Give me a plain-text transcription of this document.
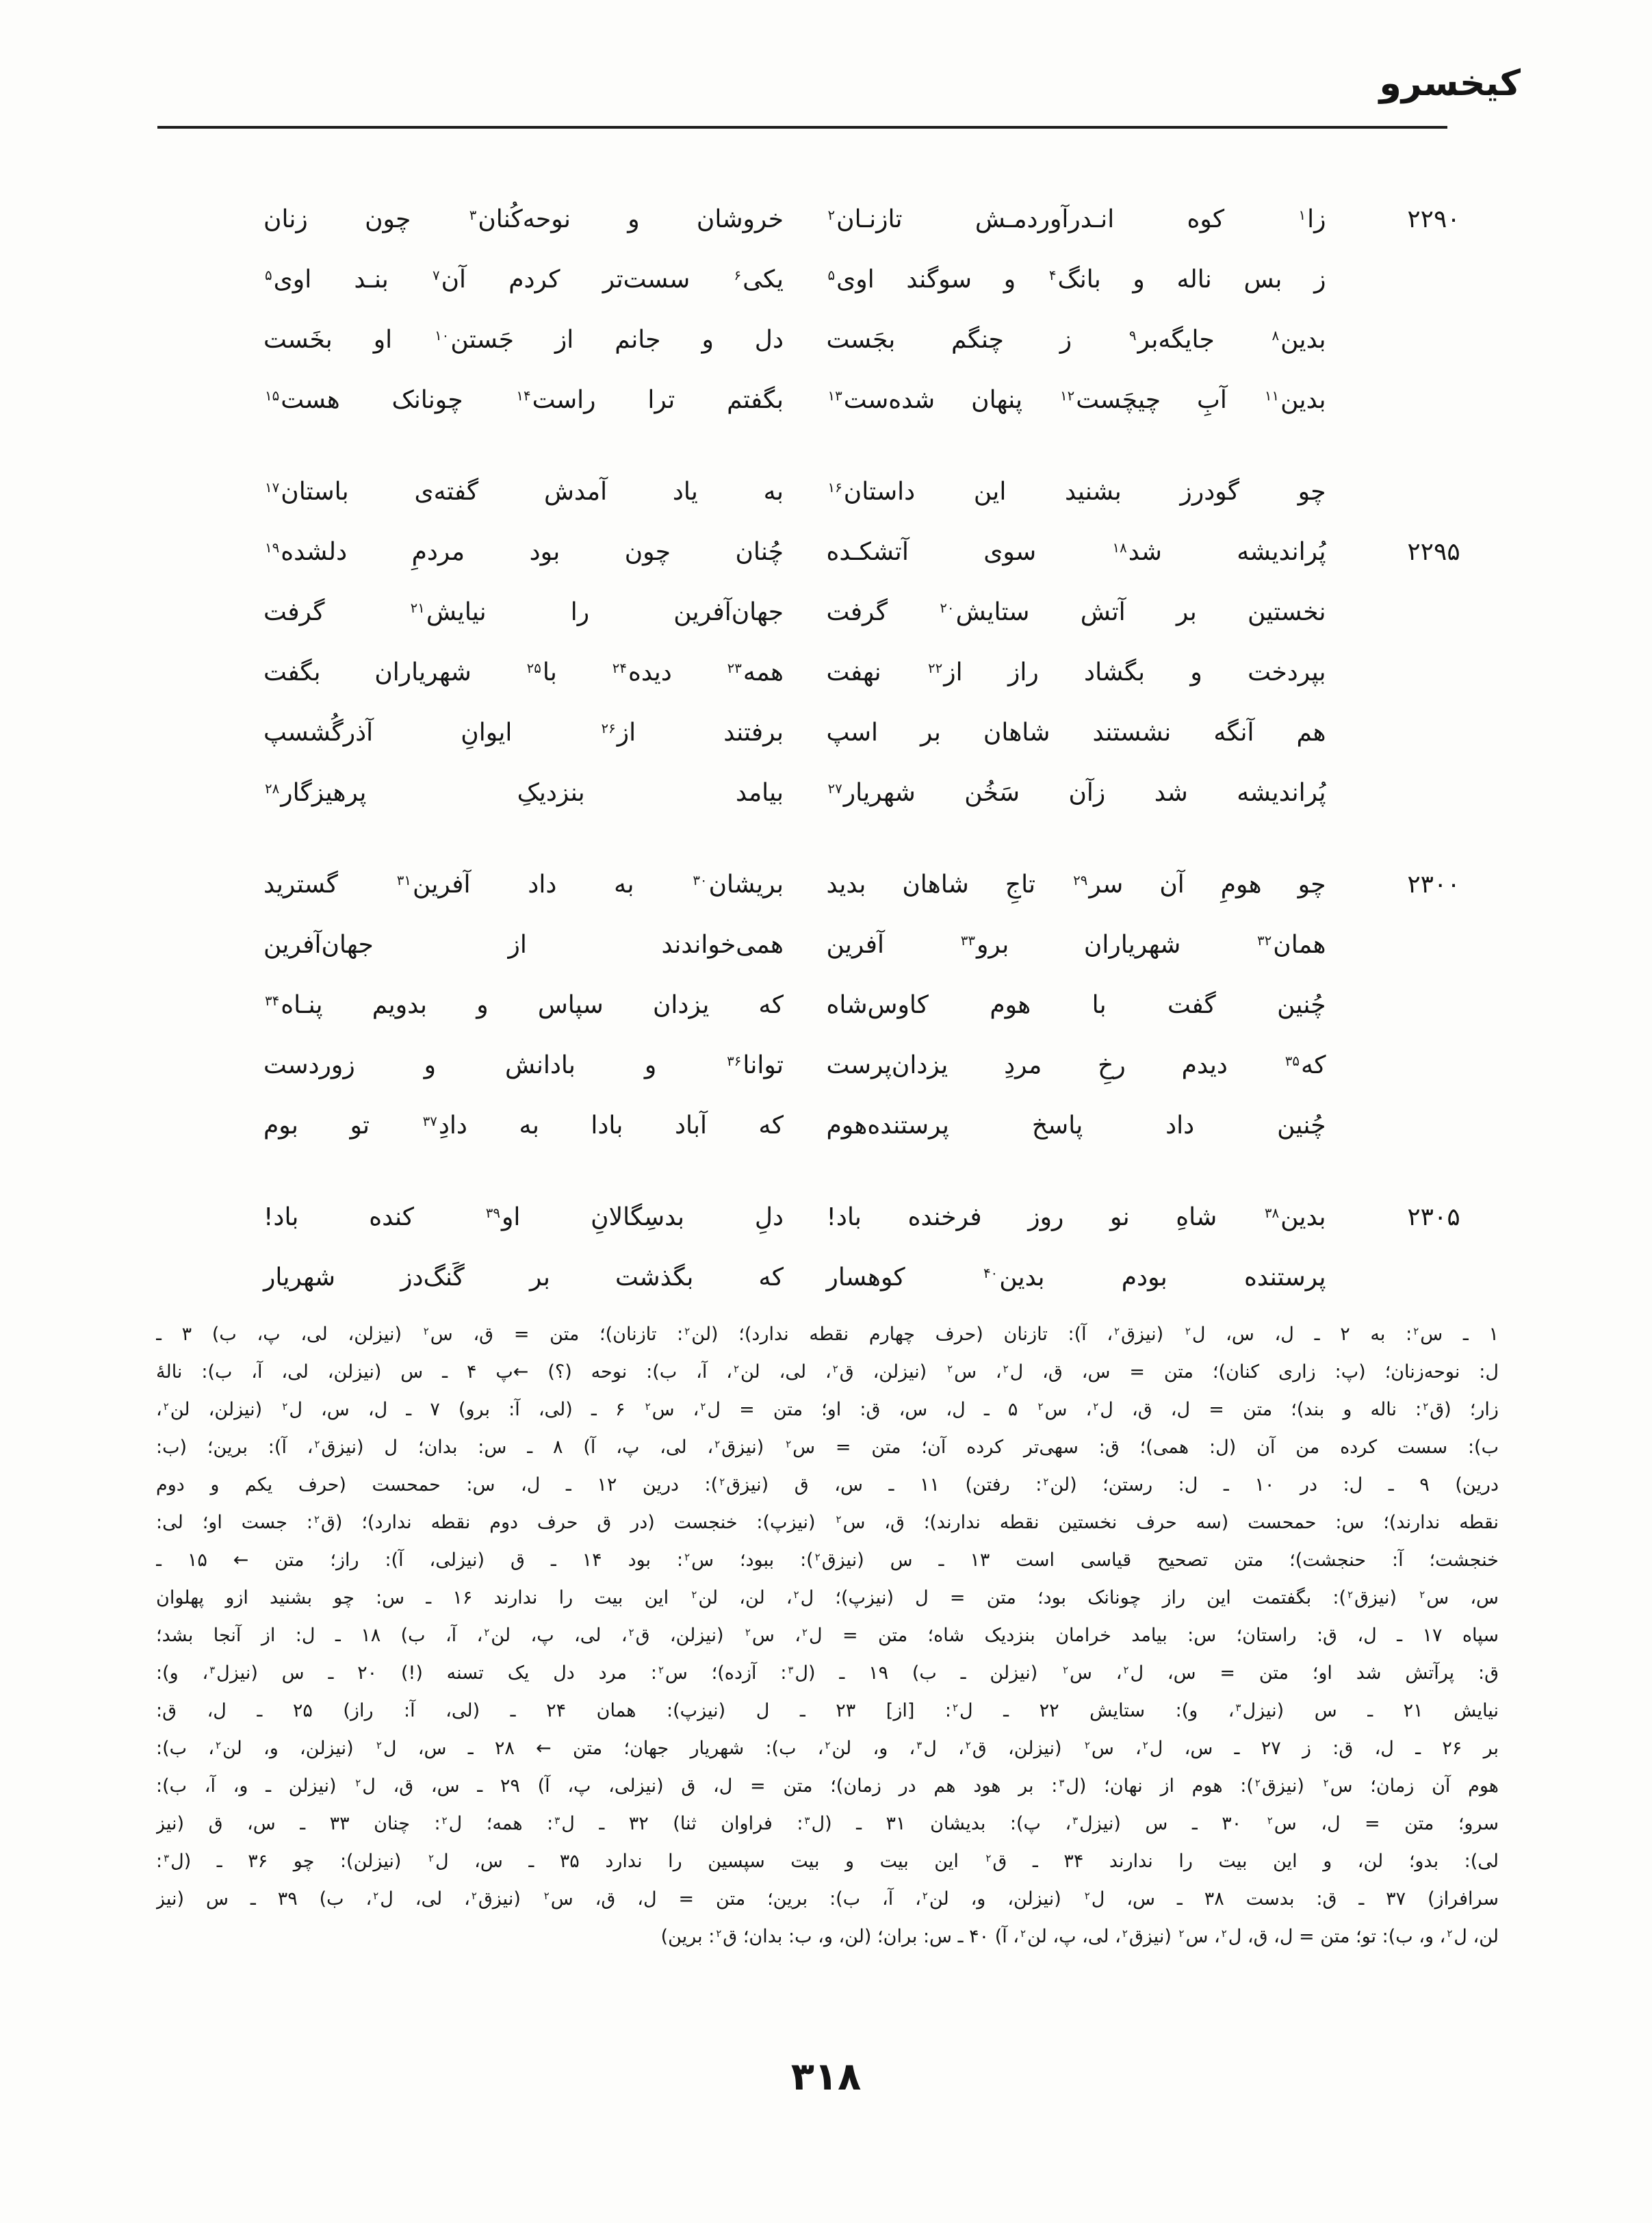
کیخسرو
۲۲۹۰
زا$^۱$ کوه انـدرآوردمـش تازنـان$^۲$
خروشان و نوحه‌کُنان$^۳$ چون زنان
ز بس ناله و بانگ$^۴$ و سوگند اوی$^۵$
یکی$^۶$ سست‌تر کردم آن$^۷$ بنـد اوی$^۵$
بدین$^۸$ جایگه‌بر$^۹$ ز چنگم بجَست
دل و جانم از جَستن$^{۱۰}$ او بخَست
بدین$^{۱۱}$ آبِ چیچَست$^{۱۲}$ پنهان شده‌ست$^{۱۳}$
بگفتم ترا راست$^{۱۴}$ چونانک هست$^{۱۵}$
چو گودرز بشنید این داستان$^{۱۶}$
به یاد آمدش گفته‌ی باستان$^{۱۷}$
۲۲۹۵
پُراندیشه شد$^{۱۸}$ سوی آتشکـده
چُنان چون بود مردمِ دلشده$^{۱۹}$
نخستین بر آتش ستایش$^{۲۰}$ گرفت
جهان‌آفرین را نیایش$^{۲۱}$ گرفت
بپردخت و بگشاد راز از$^{۲۲}$ نهفت
همه$^{۲۳}$ دیده$^{۲۴}$ با$^{۲۵}$ شهریاران بگفت
هم آنگه نشستند شاهان بر اسپ
برفتند از$^{۲۶}$ ایوانِ آذرگُشسپ
پُراندیشه شد زآن سَخُن شهریار$^{۲۷}$
بیامد بنزدیکِ پرهیزگار$^{۲۸}$
۲۳۰۰
چو هومِ آن سر$^{۲۹}$ تاجِ شاهان بدید
بریشان$^{۳۰}$ به داد آفرین$^{۳۱}$ گسترید
همان$^{۳۲}$ شهریاران برو$^{۳۳}$ آفرین
همی‌خواندند از جهان‌آفرین
چُنین گفت با هوم کاوس‌شاه
که یزدان سپاس و بدویم پنـاه$^{۳۴}$
که$^{۳۵}$ دیدم رخِ مردِ یزدان‌پرست
توانا$^{۳۶}$ و بادانش و زوردست
چُنین داد پاسخ پرستنده‌هوم
که آباد بادا به دادِ$^{۳۷}$ تو بوم
۲۳۰۵
بدین$^{۳۸}$ شاهِ نو روز فرخنده باد!
دلِ بدسِگالانِ او$^{۳۹}$ کنده باد!
پرستنده بودم بدین$^{۴۰}$ کوهسار
که بگذشت بر گَنگ‌دز شهریار
۱ ـ س$^۲$: به ۲ ـ ل، س، ل$^۲$ (نیزق$^۲$، آ): تازنان (حرف چهارم نقطه ندارد)؛ (لن$^۲$: تازنان)؛ متن = ق، س$^۲$ (نیزلن، لی، پ، ب) ۳ ـ
ل: نوحه‌زنان؛ (پ: زاری کنان)؛ متن = س، ق، ل$^۲$، س$^۲$ (نیزلن، ق$^۲$، لی، لن$^۲$، آ، ب): نوحه (؟) ←پ ۴ ـ س (نیزلن، لی، آ، ب): نالهٔ
زار؛ (ق$^۲$: ناله و بند)؛ متن = ل، ق، ل$^۲$، س$^۲$ ۵ ـ ل، س، ق: او؛ متن = ل$^۲$، س$^۲$ ۶ ـ (لی، آ: برو) ۷ ـ ل، س، ل$^۲$ (نیزلن، لن$^۲$،
ب): سست کرده من آن (ل: همی)؛ ق: سهی‌تر کرده آن؛ متن = س$^۲$ (نیزق$^۲$، لی، پ، آ) ۸ ـ س: بدان؛ ل (نیزق$^۲$، آ): برین؛ (ب:
درین) ۹ ـ ل: در ۱۰ ـ ل: رستن؛ (لن$^۲$: رفتن) ۱۱ ـ س، ق (نیزق$^۲$): درین ۱۲ ـ ل، س: حمحست (حرف یکم و دوم
نقطه ندارند)؛ س: حمحست (سه حرف نخستین نقطه ندارند)؛ ق، س$^۲$ (نیزپ): خنجست (در ق حرف دوم نقطه ندارد)؛ (ق$^۲$: جست او؛ لی:
خنجشت؛ آ: حنجشت)؛ متن تصحیح قیاسی است ۱۳ ـ س (نیزق$^۲$): ببود؛ س$^۲$: بود ۱۴ ـ ق (نیزلی، آ): راز؛ متن ← ۱۵ ـ
س، س$^۲$ (نیزق$^۲$): بگفتمت این راز چونانک بود؛ متن = ل (نیزپ)؛ ل$^۲$، لن، لن$^۲$ این بیت را ندارند ۱۶ ـ س: چو بشنید ازو پهلوان
سپاه ۱۷ ـ ل، ق: راستان؛ س: بیامد خرامان بنزدیک شاه؛ متن = ل$^۲$، س$^۲$ (نیزلن، ق$^۲$، لی، پ، لن$^۲$، آ، ب) ۱۸ ـ ل: از آنجا بشد؛
ق: پرآتش شد او؛ متن = س، ل$^۲$، س$^۲$ (نیزلن ـ ب) ۱۹ ـ (ل$^۳$: آزده)؛ س$^۲$: مرد دل یک تسنه (!) ۲۰ ـ س (نیزل$^۳$، و):
نیایش ۲۱ ـ س (نیزل$^۳$، و): ستایش ۲۲ ـ ل$^۲$: [از] ۲۳ ـ ل (نیزپ): همان ۲۴ ـ (لی، آ: راز) ۲۵ ـ ل، ق:
بر ۲۶ ـ ل، ق: ز ۲۷ ـ س، ل$^۲$، س$^۲$ (نیزلن، ق$^۲$، ل$^۳$، و، لن$^۲$، ب): شهریار جهان؛ متن ← ۲۸ ـ س، ل$^۲$ (نیزلن، و، لن$^۲$، ب):
هوم آن زمان؛ س$^۲$ (نیزق$^۲$): هوم از نهان؛ (ل$^۳$: بر هود هم در زمان)؛ متن = ل، ق (نیزلی، پ، آ) ۲۹ ـ س، ق، ل$^۲$ (نیزلن ـ و، آ، ب):
سرو؛ متن = ل، س$^۲$ ۳۰ ـ س (نیزل$^۳$، پ): بدیشان ۳۱ ـ (ل$^۳$: فراوان ثنا) ۳۲ ـ ل$^۳$: همه؛ ل$^۲$: چنان ۳۳ ـ س، ق (نیز
لی): بدو؛ لن، و این بیت را ندارند ۳۴ ـ ق$^۲$ این بیت و بیت سپسین را ندارد ۳۵ ـ س، ل$^۲$ (نیزلن): چو ۳۶ ـ (ل$^۳$:
سرافراز) ۳۷ ـ ق: بدست ۳۸ ـ س، ل$^۲$ (نیزلن، و، لن$^۲$، آ، ب): برین؛ متن = ل، ق، س$^۲$ (نیزق$^۲$، لی، ل$^۲$، ب) ۳۹ ـ س (نیز
لن، ل$^۲$، و، ب): تو؛ متن = ل، ق، ل$^۲$، س$^۲$ (نیزق$^۲$، لی، پ، لن$^۲$، آ) ۴۰ ـ س: بران؛ (لن، و، ب: بدان؛ ق$^۲$: برین)
۳۱۸
